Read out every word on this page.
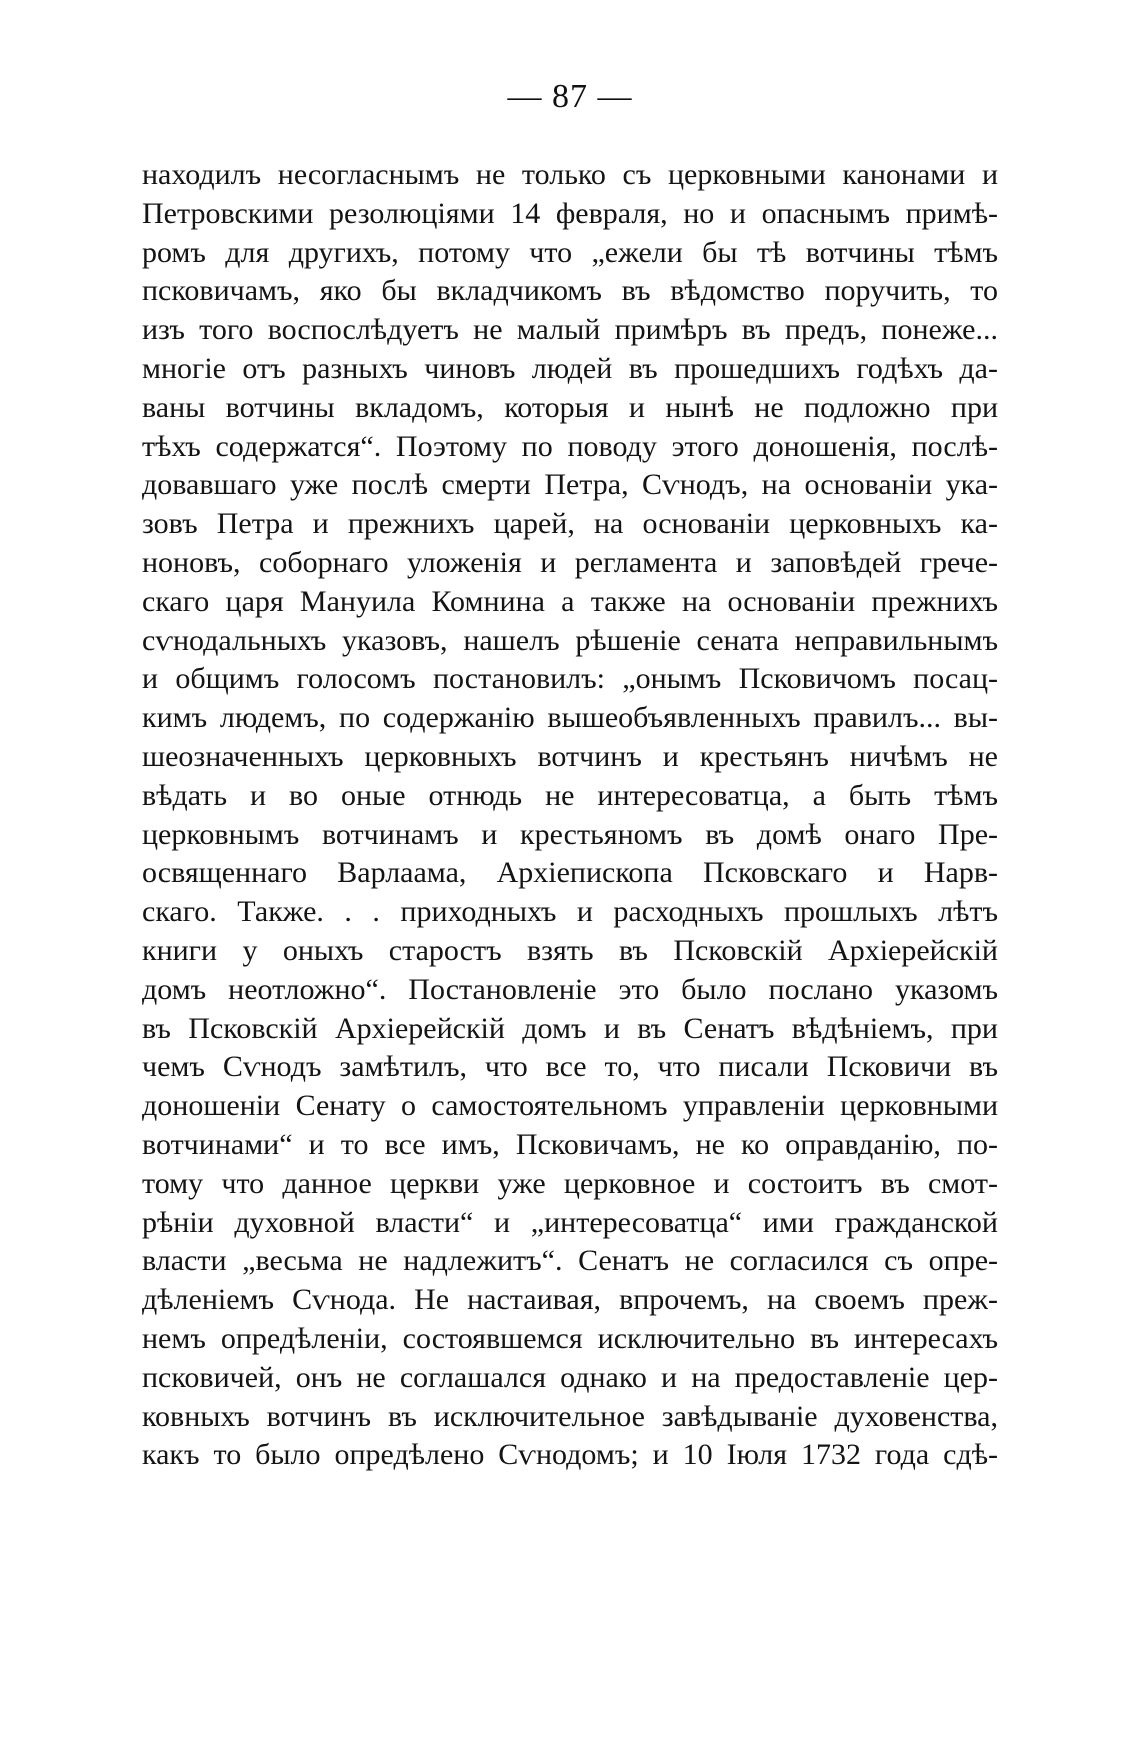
— 87 —
находилъ несогласнымъ не только съ церковными канонами и
Петровскими резолюціями 14 февраля, но и опаснымъ примѣ-
ромъ для другихъ, потому что „ежели бы тѣ вотчины тѣмъ
псковичамъ, яко бы вкладчикомъ въ вѣдомство поручить, то
изъ того воспослѣдуетъ не малый примѣръ въ предъ, понеже...
многіе отъ разныхъ чиновъ людей въ прошедшихъ годѣхъ да-
ваны вотчины вкладомъ, которыя и нынѣ не подложно при
тѣхъ содержатся“. Поэтому по поводу этого доношенія, послѣ-
довавшаго уже послѣ смерти Петра, Сѵнодъ, на основаніи ука-
зовъ Петра и прежнихъ царей, на основаніи церковныхъ ка-
ноновъ, соборнаго уложенія и регламента и заповѣдей грече-
скаго царя Мануила Комнина а также на основаніи прежнихъ
сѵнодальныхъ указовъ, нашелъ рѣшеніе сената неправильнымъ
и общимъ голосомъ постановилъ: „онымъ Псковичомъ посац-
кимъ людемъ, по содержанію вышеобъявленныхъ правилъ... вы-
шеозначенныхъ церковныхъ вотчинъ и крестьянъ ничѣмъ не
вѣдать и во оные отнюдь не интересоватца, а быть тѣмъ
церковнымъ вотчинамъ и крестьяномъ въ домѣ онаго Пре-
освященнаго Варлаама, Архіепископа Псковскаго и Нарв-
скаго. Также. . . приходныхъ и расходныхъ прошлыхъ лѣтъ
книги у оныхъ старостъ взять въ Псковскій Архіерейскій
домъ неотложно“. Постановленіе это было послано указомъ
въ Псковскій Архіерейскій домъ и въ Сенатъ вѣдѣніемъ, при
чемъ Сѵнодъ замѣтилъ, что все то, что писали Псковичи въ
доношеніи Сенату о самостоятельномъ управленіи церковными
вотчинами“ и то все имъ, Псковичамъ, не ко оправданію, по-
тому что данное церкви уже церковное и состоитъ въ смот-
рѣніи духовной власти“ и „интересоватца“ ими гражданской
власти „весьма не надлежитъ“. Сенатъ не согласился съ опре-
дѣленіемъ Сѵнода. Не настаивая, впрочемъ, на своемъ преж-
немъ опредѣленіи, состоявшемся исключительно въ интересахъ
псковичей, онъ не соглашался однако и на предоставленіе цер-
ковныхъ вотчинъ въ исключительное завѣдываніе духовенства,
какъ то было опредѣлено Сѵнодомъ; и 10 Іюля 1732 года сдѣ-
